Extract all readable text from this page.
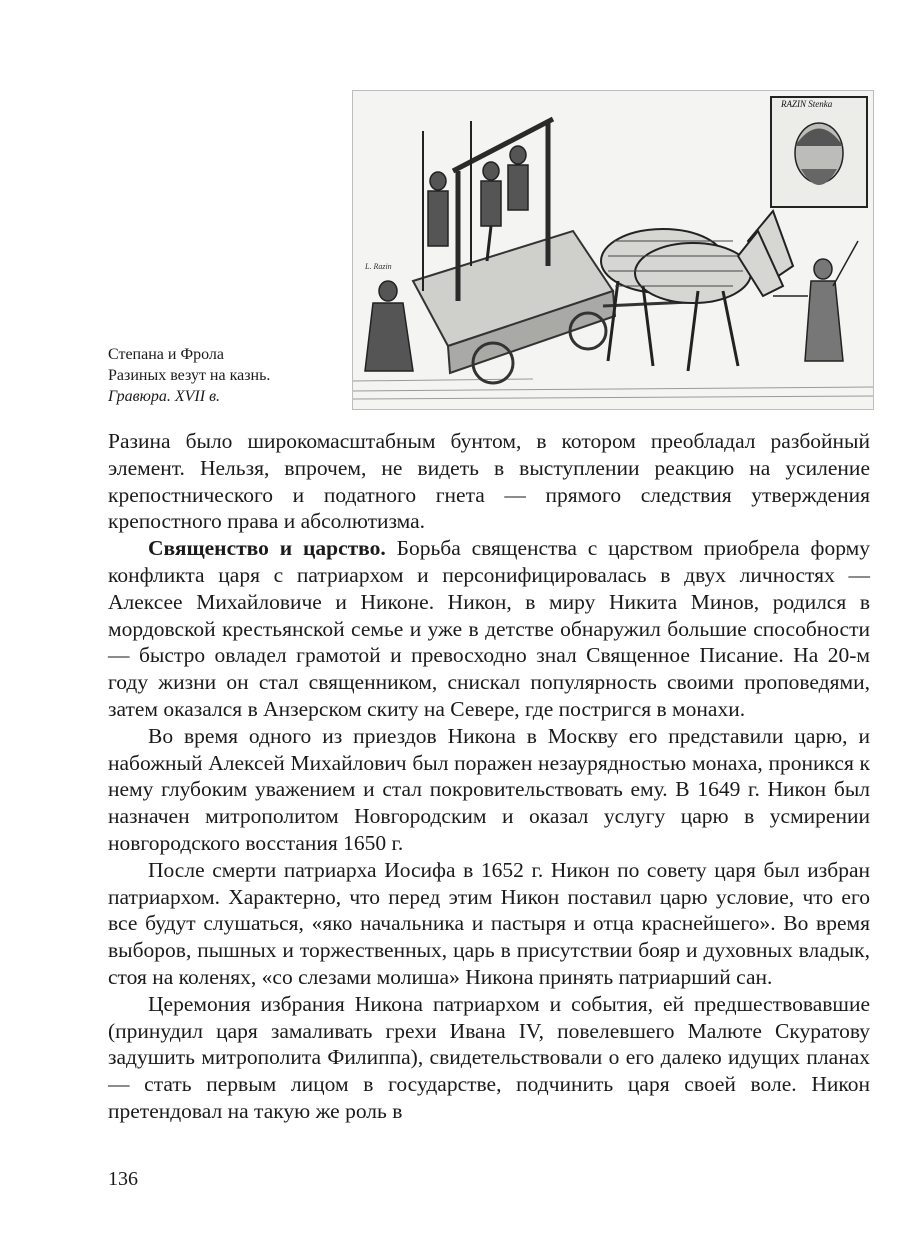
RAZIN Stenka
L. Razin
Степана и Фрола
Разиных везут на казнь.
Гравюра. XVII в.

Разина было широкомасштабным бунтом, в котором преобладал разбойный элемент. Нельзя, впрочем, не видеть в выступлении реакцию на усиление крепостнического и податного гнета — прямого следствия утверждения крепостного права и абсолютизма.

Священство и царство. Борьба священства с царством приобрела форму конфликта царя с патриархом и персонифицировалась в двух личностях — Алексее Михайловиче и Никоне. Никон, в миру Никита Минов, родился в мордовской крестьянской семье и уже в детстве обнаружил большие способности — быстро овладел грамотой и превосходно знал Священное Писание. На 20-м году жизни он стал священником, снискал популярность своими проповедями, затем оказался в Анзерском скиту на Севере, где постригся в монахи.

Во время одного из приездов Никона в Москву его представили царю, и набожный Алексей Михайлович был поражен незаурядностью монаха, проникся к нему глубоким уважением и стал покровительствовать ему. В 1649 г. Никон был назначен митрополитом Новгородским и оказал услугу царю в усмирении новгородского восстания 1650 г.

После смерти патриарха Иосифа в 1652 г. Никон по совету царя был избран патриархом. Характерно, что перед этим Никон поставил царю условие, что его все будут слушаться, «яко начальника и пастыря и отца краснейшего». Во время выборов, пышных и торжественных, царь в присутствии бояр и духовных владык, стоя на коленях, «со слезами молиша» Никона принять патриарший сан.

Церемония избрания Никона патриархом и события, ей предшествовавшие (принудил царя замаливать грехи Ивана IV, повелевшего Малюте Скуратову задушить митрополита Филиппа), свидетельствовали о его далеко идущих планах — стать первым лицом в государстве, подчинить царя своей воле. Никон претендовал на такую же роль в

136
